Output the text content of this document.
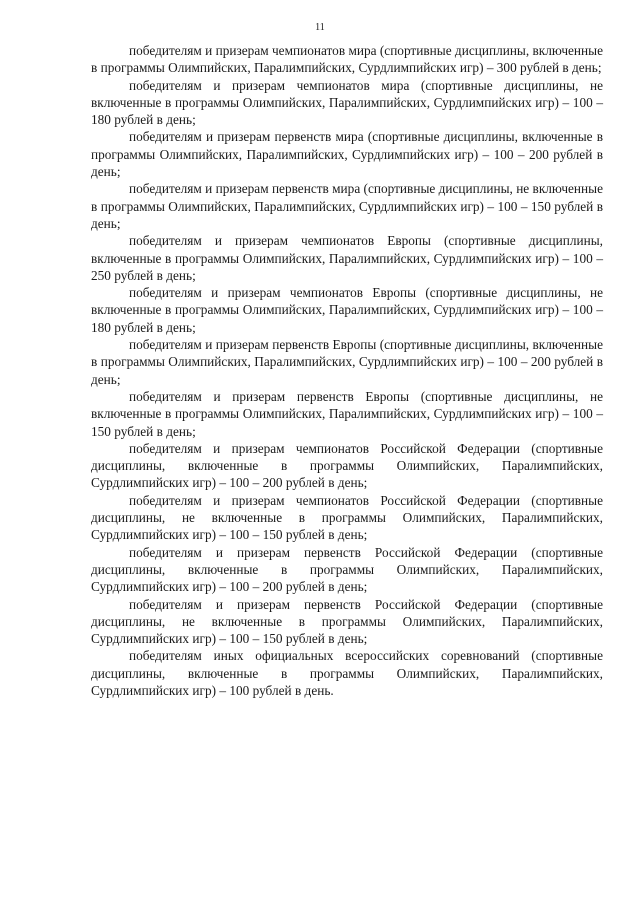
11

победителям и призерам чемпионатов мира (спортивные дисциплины, включенные в программы Олимпийских, Паралимпийских, Сурдлимпийских игр) – 300 рублей в день;

победителям и призерам чемпионатов мира (спортивные дисциплины, не включенные в программы Олимпийских, Паралимпийских, Сурдлимпийских игр) – 100 – 180 рублей в день;

победителям и призерам первенств мира (спортивные дисциплины, включенные в программы Олимпийских, Паралимпийских, Сурдлимпийских игр) – 100 – 200 рублей в день;

победителям и призерам первенств мира (спортивные дисциплины, не включенные в программы Олимпийских, Паралимпийских, Сурдлимпийских игр) – 100 – 150 рублей в день;

победителям и призерам чемпионатов Европы (спортивные дисциплины, включенные в программы Олимпийских, Паралимпийских, Сурдлимпийских игр) – 100 – 250 рублей в день;

победителям и призерам чемпионатов Европы (спортивные дисциплины, не включенные в программы Олимпийских, Паралимпийских, Сурдлимпийских игр) – 100 – 180 рублей в день;

победителям и призерам первенств Европы (спортивные дисциплины, включенные в программы Олимпийских, Паралимпийских, Сурдлимпийских игр) – 100 – 200 рублей в день;

победителям и призерам первенств Европы (спортивные дисциплины, не включенные в программы Олимпийских, Паралимпийских, Сурдлимпийских игр) – 100 – 150 рублей в день;

победителям и призерам чемпионатов Российской Федерации (спортивные дисциплины, включенные в программы Олимпийских, Паралимпийских, Сурдлимпийских игр) – 100 – 200 рублей в день;

победителям и призерам чемпионатов Российской Федерации (спортивные дисциплины, не включенные в программы Олимпийских, Паралимпийских, Сурдлимпийских игр) – 100 – 150 рублей в день;

победителям и призерам первенств Российской Федерации (спортивные дисциплины, включенные в программы Олимпийских, Паралимпийских, Сурдлимпийских игр) – 100 – 200 рублей в день;

победителям и призерам первенств Российской Федерации (спортивные дисциплины, не включенные в программы Олимпийских, Паралимпийских, Сурдлимпийских игр) – 100 – 150 рублей в день;

победителям иных официальных всероссийских соревнований (спортивные дисциплины, включенные в программы Олимпийских, Паралимпийских, Сурдлимпийских игр) – 100 рублей в день.
